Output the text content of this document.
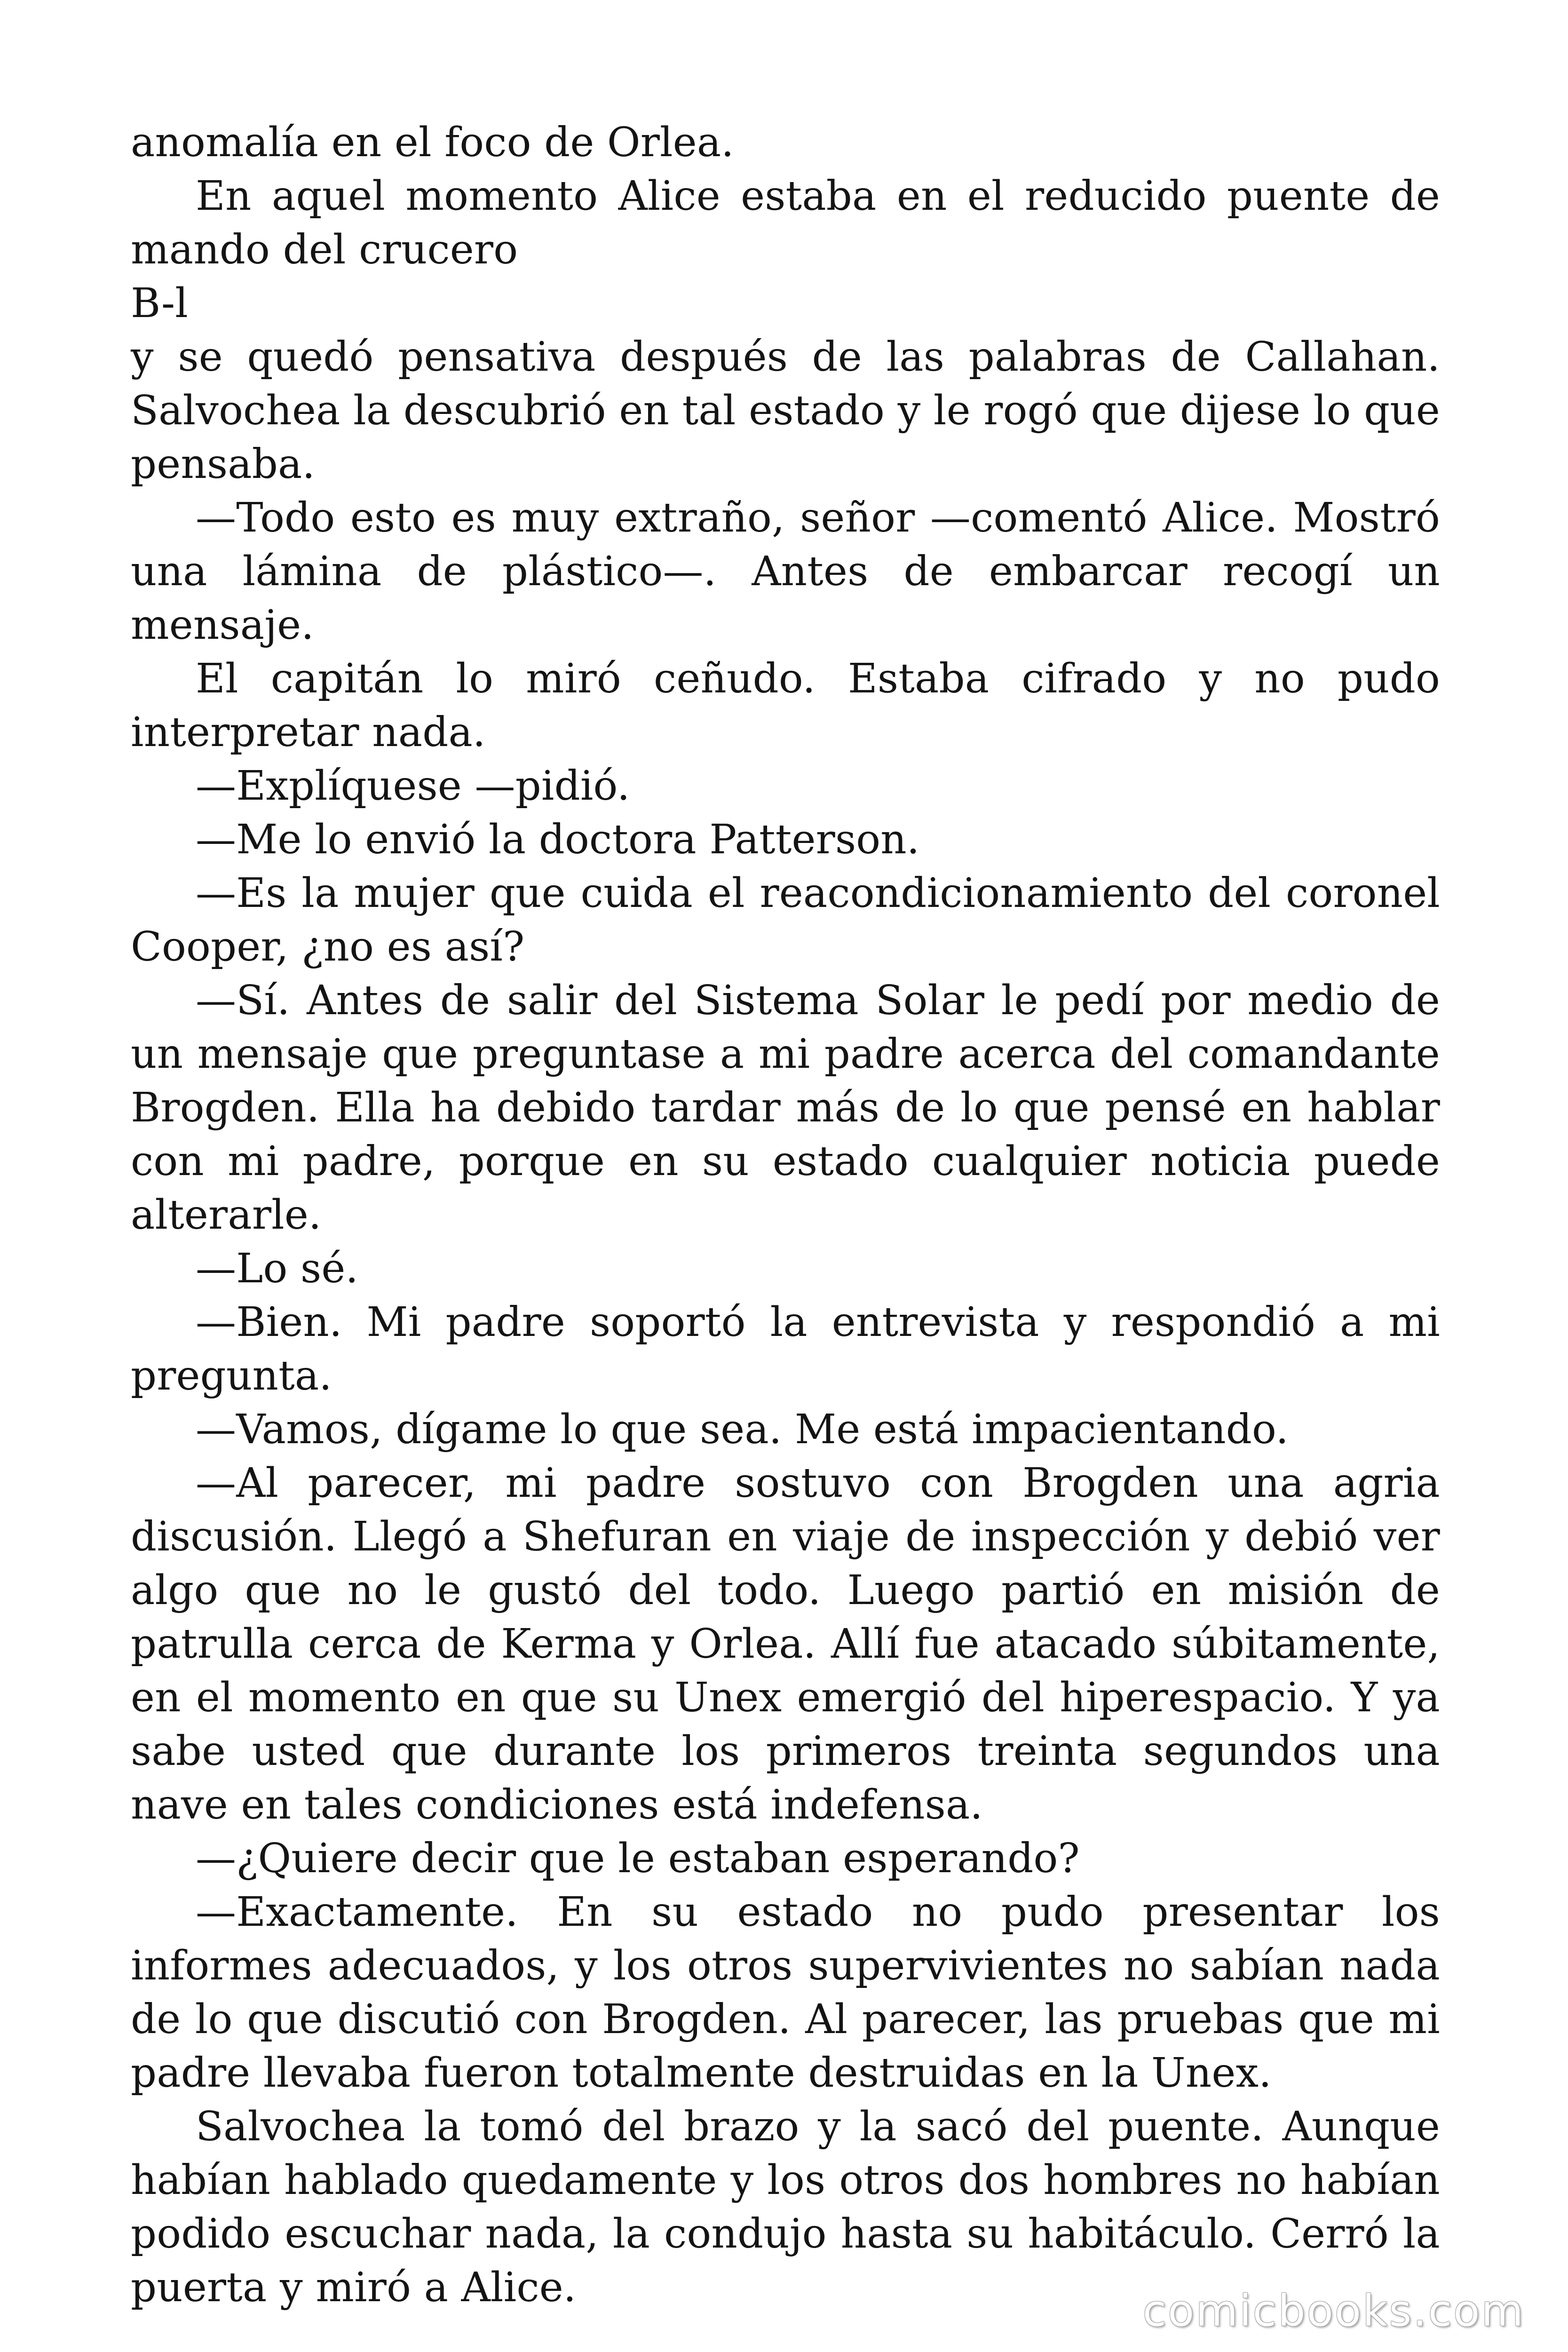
anomalía en el foco de Orlea.

En aquel momento Alice estaba en el reducido puente de mando del crucero

B-l

y se quedó pensativa después de las palabras de Callahan. Salvochea la descubrió en tal estado y le rogó que dijese lo que pensaba.

—Todo esto es muy extraño, señor —comentó Alice. Mostró una lámina de plástico—. Antes de embarcar recogí un mensaje.

El capitán lo miró ceñudo. Estaba cifrado y no pudo interpretar nada.

—Explíquese —pidió.

—Me lo envió la doctora Patterson.

—Es la mujer que cuida el reacondicionamiento del coronel Cooper, ¿no es así?

—Sí. Antes de salir del Sistema Solar le pedí por medio de un mensaje que preguntase a mi padre acerca del comandante Brogden. Ella ha debido tardar más de lo que pensé en hablar con mi padre, porque en su estado cualquier noticia puede alterarle.

—Lo sé.

—Bien. Mi padre soportó la entrevista y respondió a mi pregunta.

—Vamos, dígame lo que sea. Me está impacientando.

—Al parecer, mi padre sostuvo con Brogden una agria discusión. Llegó a Shefuran en viaje de inspección y debió ver algo que no le gustó del todo. Luego partió en misión de patrulla cerca de Kerma y Orlea. Allí fue atacado súbitamente, en el momento en que su Unex emergió del hiperespacio. Y ya sabe usted que durante los primeros treinta segundos una nave en tales condiciones está indefensa.

—¿Quiere decir que le estaban esperando?

—Exactamente. En su estado no pudo presentar los informes adecuados, y los otros supervivientes no sabían nada de lo que discutió con Brogden. Al parecer, las pruebas que mi padre llevaba fueron totalmente destruidas en la Unex.

Salvochea la tomó del brazo y la sacó del puente. Aunque habían hablado quedamente y los otros dos hombres no habían podido escuchar nada, la condujo hasta su habitáculo. Cerró la puerta y miró a Alice.	comicbooks.com
